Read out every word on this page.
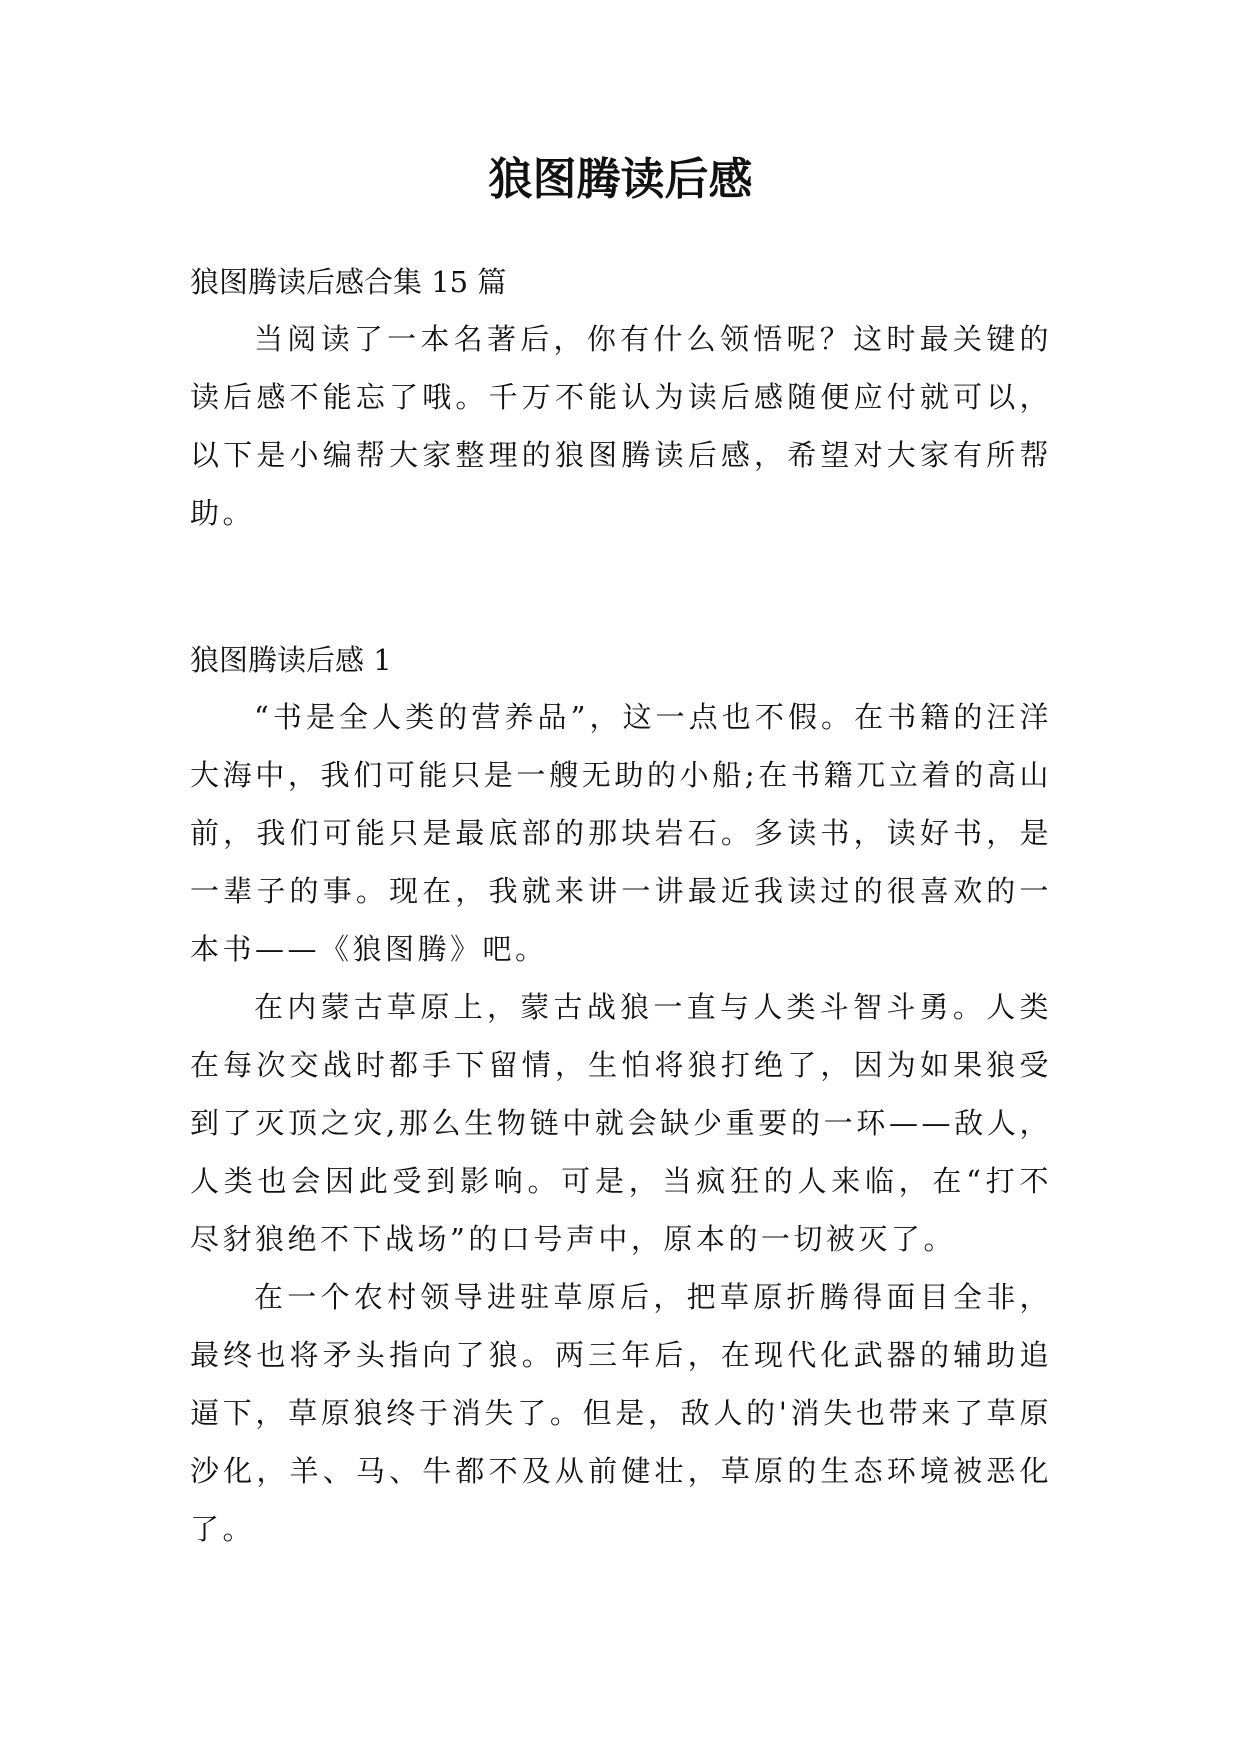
狼图腾读后感
狼图腾读后感合集 15 篇

当阅读了一本名著后，你有什么领悟呢？这时最关键的读后感不能忘了哦。千万不能认为读后感随便应付就可以，以下是小编帮大家整理的狼图腾读后感，希望对大家有所帮助。

狼图腾读后感 1

“书是全人类的营养品”，这一点也不假。在书籍的汪洋大海中，我们可能只是一艘无助的小船;在书籍兀立着的高山前，我们可能只是最底部的那块岩石。多读书，读好书，是一辈子的事。现在，我就来讲一讲最近我读过的很喜欢的一本书——《狼图腾》吧。

在内蒙古草原上，蒙古战狼一直与人类斗智斗勇。人类在每次交战时都手下留情，生怕将狼打绝了，因为如果狼受到了灭顶之灾,那么生物链中就会缺少重要的一环——敌人，人类也会因此受到影响。可是，当疯狂的人来临，在“打不尽豺狼绝不下战场”的口号声中，原本的一切被灭了。

在一个农村领导进驻草原后，把草原折腾得面目全非，最终也将矛头指向了狼。两三年后，在现代化武器的辅助追逼下，草原狼终于消失了。但是，敌人的'消失也带来了草原沙化，羊、马、牛都不及从前健壮，草原的生态环境被恶化了。
